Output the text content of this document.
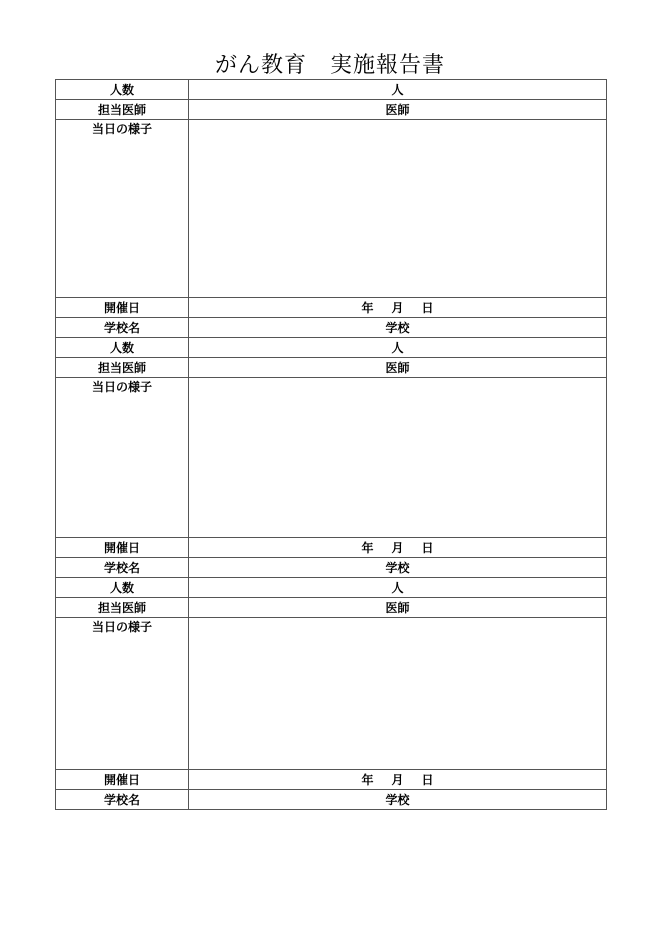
がん教育　実施報告書
人数	人
担当医師	医師
当日の様子	
開催日	年 月 日
学校名	学校
人数	人
担当医師	医師
当日の様子	
開催日	年 月 日
学校名	学校
人数	人
担当医師	医師
当日の様子	
開催日	年 月 日
学校名	学校
